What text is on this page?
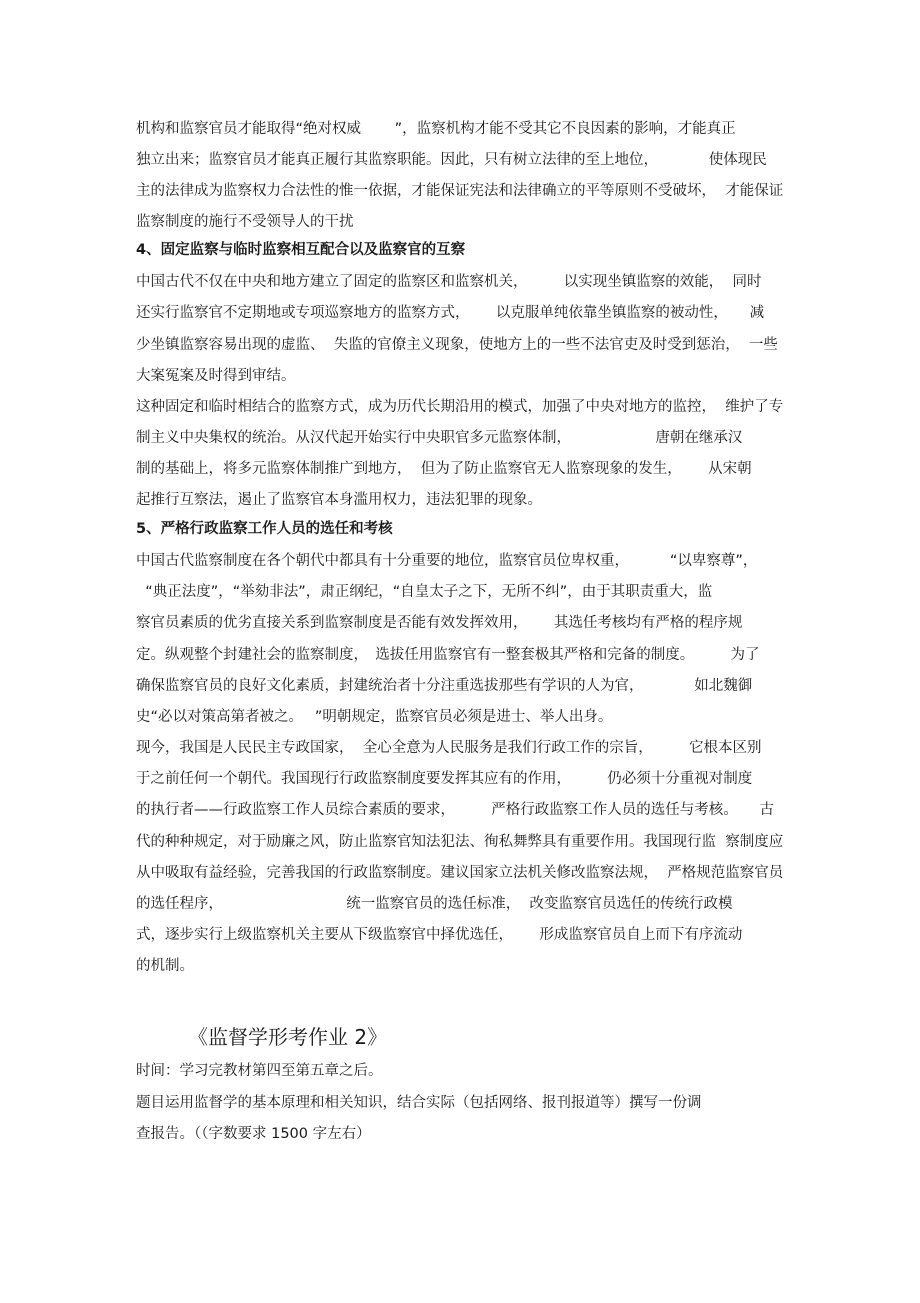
机构和监察官员才能取得“绝对权威　　 ”，监察机构才能不受其它不良因素的影响，才能真正
独立出来；监察官员才能真正履行其监察职能。因此，只有树立法律的至上地位，　　　　使体现民
主的法律成为监察权力合法性的惟一依据，才能保证宪法和法律确立的平等原则不受破坏，  才能保证
监察制度的施行不受领导人的干扰
4、固定监察与临时监察相互配合以及监察官的互察
中国古代不仅在中央和地方建立了固定的监察区和监察机关，　　　以实现坐镇监察的效能，  同时
还实行监察官不定期地或专项巡察地方的监察方式，　　 以克服单纯依靠坐镇监察的被动性，　　减
少坐镇监察容易出现的虚监、  失监的官僚主义现象，使地方上的一些不法官吏及时受到惩治，  一些
大案冤案及时得到审结。
这种固定和临时相结合的监察方式，成为历代长期沿用的模式，加强了中央对地方的监控，  维护了专
制主义中央集权的统治。从汉代起开始实行中央职官多元监察体制，　　　　　　 唐朝在继承汉
制的基础上，将多元监察体制推广到地方，  但为了防止监察官无人监察现象的发生，　　 从宋朝
起推行互察法，遏止了监察官本身滥用权力，违法犯罪的现象。
5、严格行政监察工作人员的选任和考核
中国古代监察制度在各个朝代中都具有十分重要的地位，监察官员位卑权重，　　　 “以卑察尊”，
“典正法度”，“举劾非法”，肃正纲纪，“自皇太子之下，无所不纠”，由于其职责重大，监
察官员素质的优劣直接关系到监察制度是否能有效发挥效用，　　 其选任考核均有严格的程序规
定。纵观整个封建社会的监察制度，　选拔任用监察官有一整套极其严格和完备的制度。　　　为了
确保监察官员的良好文化素质，封建统治者十分注重选拔那些有学识的人为官，　　　　如北魏御
史“必以对策高第者被之。　 ”明朝规定，监察官员必须是进士、举人出身。
现今，我国是人民民主专政国家，  全心全意为人民服务是我们行政工作的宗旨，　　　它根本区别
于之前任何一个朝代。我国现行行政监察制度要发挥其应有的作用，　　　仍必须十分重视对制度
的执行者——行政监察工作人员综合素质的要求，　　　严格行政监察工作人员的选任与考核。　　古
代的种种规定，对于励廉之风，防止监察官知法犯法、徇私舞弊具有重要作用。我国现行监  察制度应
从中吸取有益经验，完善我国的行政监察制度。建议国家立法机关修改监察法规，  严格规范监察官员
的选任程序，　　　　　　　　　统一监察官员的选任标准，  改变监察官员选任的传统行政模
式，逐步实行上级监察机关主要从下级监察官中择优选任，　　 形成监察官员自上而下有序流动
的机制。
《监督学形考作业 2》
时间：学习完教材第四至第五章之后。
题目运用监督学的基本原理和相关知识，结合实际（包括网络、报刊报道等）撰写一份调
查报告。（（字数要求 1500 字左右）
